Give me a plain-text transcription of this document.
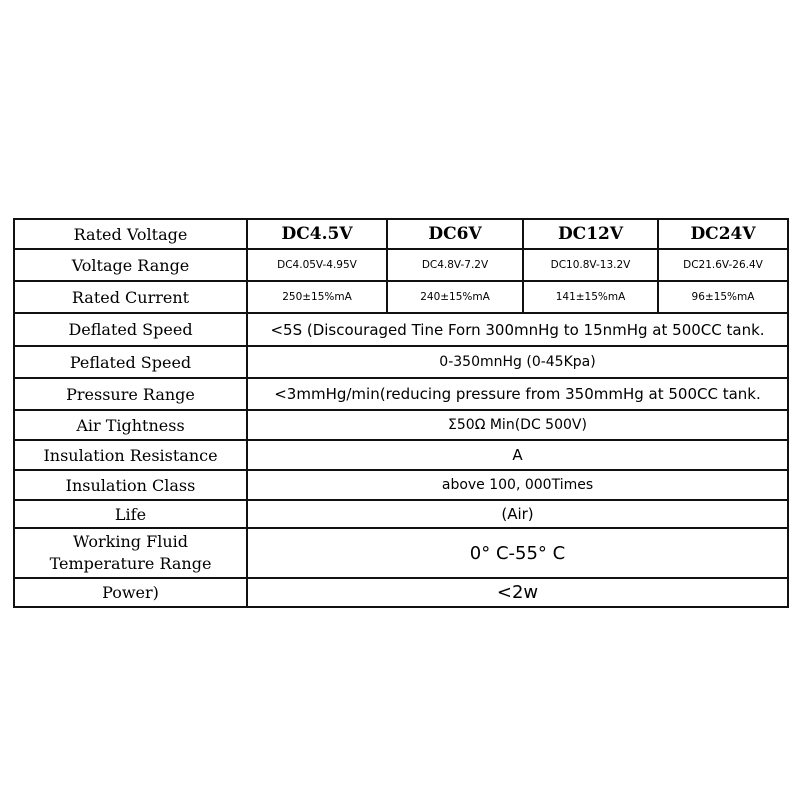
Rated Voltage	DC4.5V	DC6V	DC12V	DC24V
Voltage Range	DC4.05V-4.95V	DC4.8V-7.2V	DC10.8V-13.2V	DC21.6V-26.4V
Rated Current	250±15%mA	240±15%mA	141±15%mA	96±15%mA
Deflated Speed	<5S (Discouraged Tine Forn 300mnHg to 15nmHg at 500CC tank.			
Peflated Speed	0-350mnHg (0-45Kpa)			
Pressure Range	<3mmHg/min(reducing pressure from 350mmHg at 500CC tank.			
Air Tightness	Σ50Ω Min(DC 500V)			
Insulation Resistance	A			
Insulation Class	above 100, 000Times			
Life	(Air)			

Working Fluid
Temperature Range	0° C-55° C			
Power)	<2w			
